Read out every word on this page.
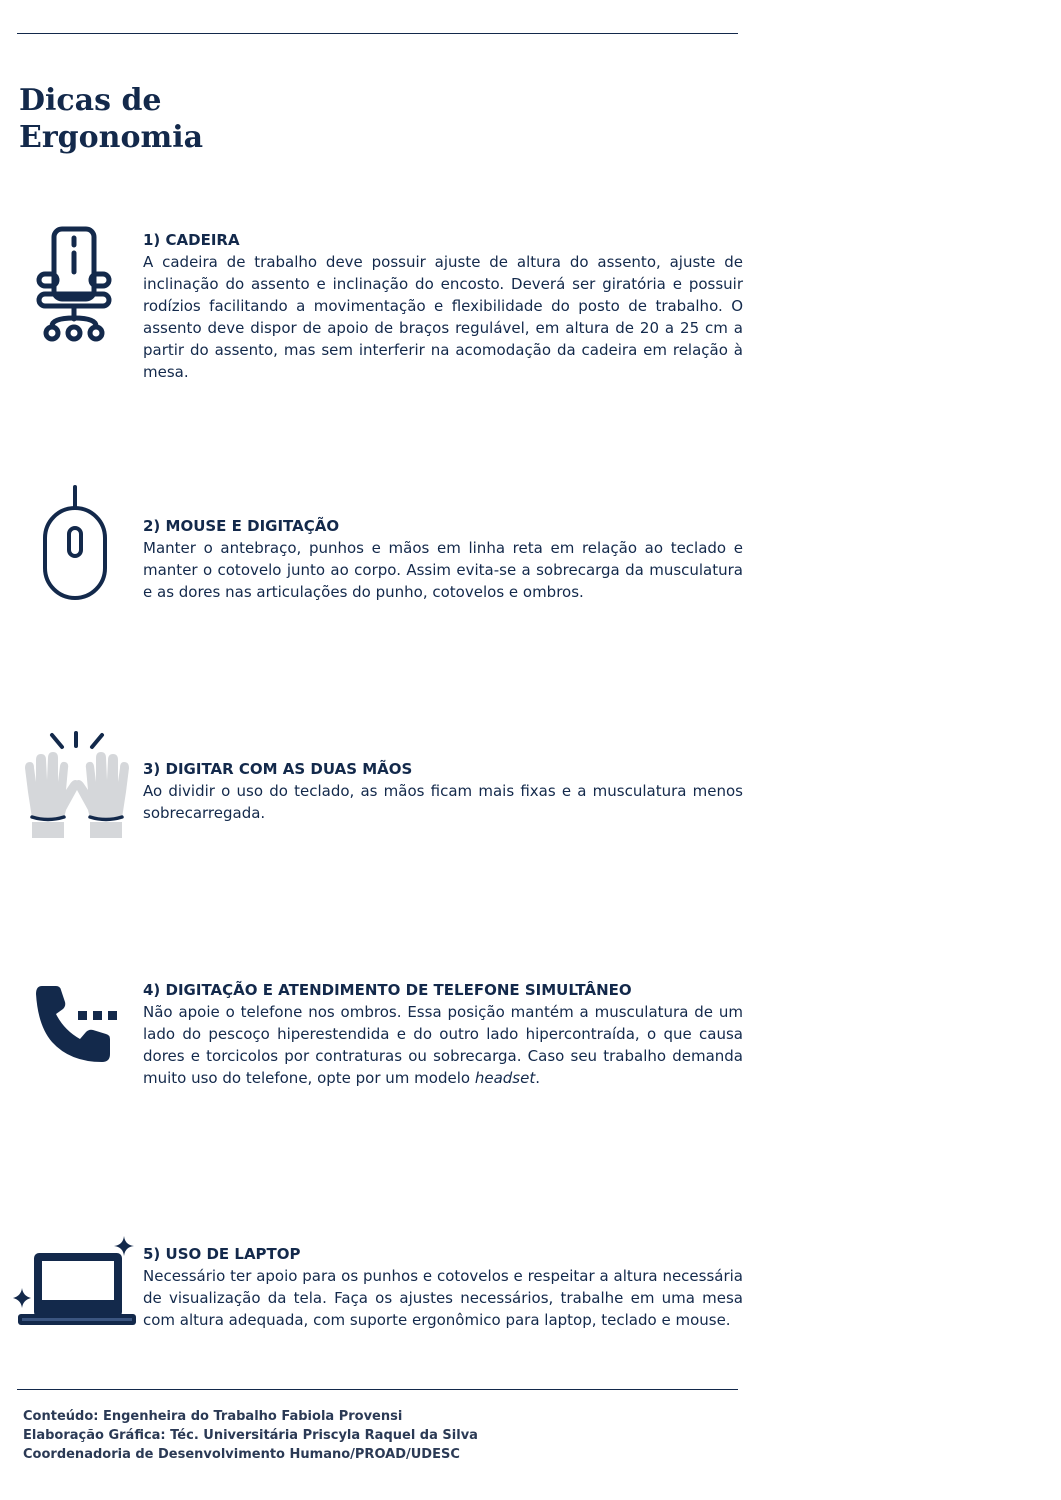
Dicas de
Ergonomia
1) CADEIRA

A cadeira de trabalho deve possuir ajuste de altura do assento, ajuste de inclinação do assento e inclinação do encosto. Deverá ser giratória e possuir rodízios facilitando a movimentação e flexibilidade do posto de trabalho. O assento deve dispor de apoio de braços regulável, em altura de 20 a 25 cm a partir do assento, mas sem interferir na acomodação da cadeira em relação à mesa.

2) MOUSE E DIGITAÇÃO

Manter o antebraço, punhos e mãos em linha reta em relação ao teclado e manter o cotovelo junto ao corpo. Assim evita-se a sobrecarga da musculatura e as dores nas articulações do punho, cotovelos e ombros.

3) DIGITAR COM AS DUAS MÃOS

Ao dividir o uso do teclado, as mãos ficam mais fixas e a musculatura menos sobrecarregada.

4) DIGITAÇÃO E ATENDIMENTO DE TELEFONE SIMULTÂNEO

Não apoie o telefone nos ombros. Essa posição mantém a musculatura de um lado do pescoço hiperestendida e do outro lado hipercontraída, o que causa dores e torcicolos por contraturas ou sobrecarga. Caso seu trabalho demanda muito uso do telefone, opte por um modelo headset.

5) USO DE LAPTOP

Necessário ter apoio para os punhos e cotovelos e respeitar a altura necessária de visualização da tela. Faça os ajustes necessários, trabalhe em uma mesa com altura adequada, com suporte ergonômico para laptop, teclado e mouse.

Conteúdo: Engenheira do Trabalho Fabiola Provensi
Elaboração Gráfica: Téc. Universitária Priscyla Raquel da Silva
Coordenadoria de Desenvolvimento Humano/PROAD/UDESC
